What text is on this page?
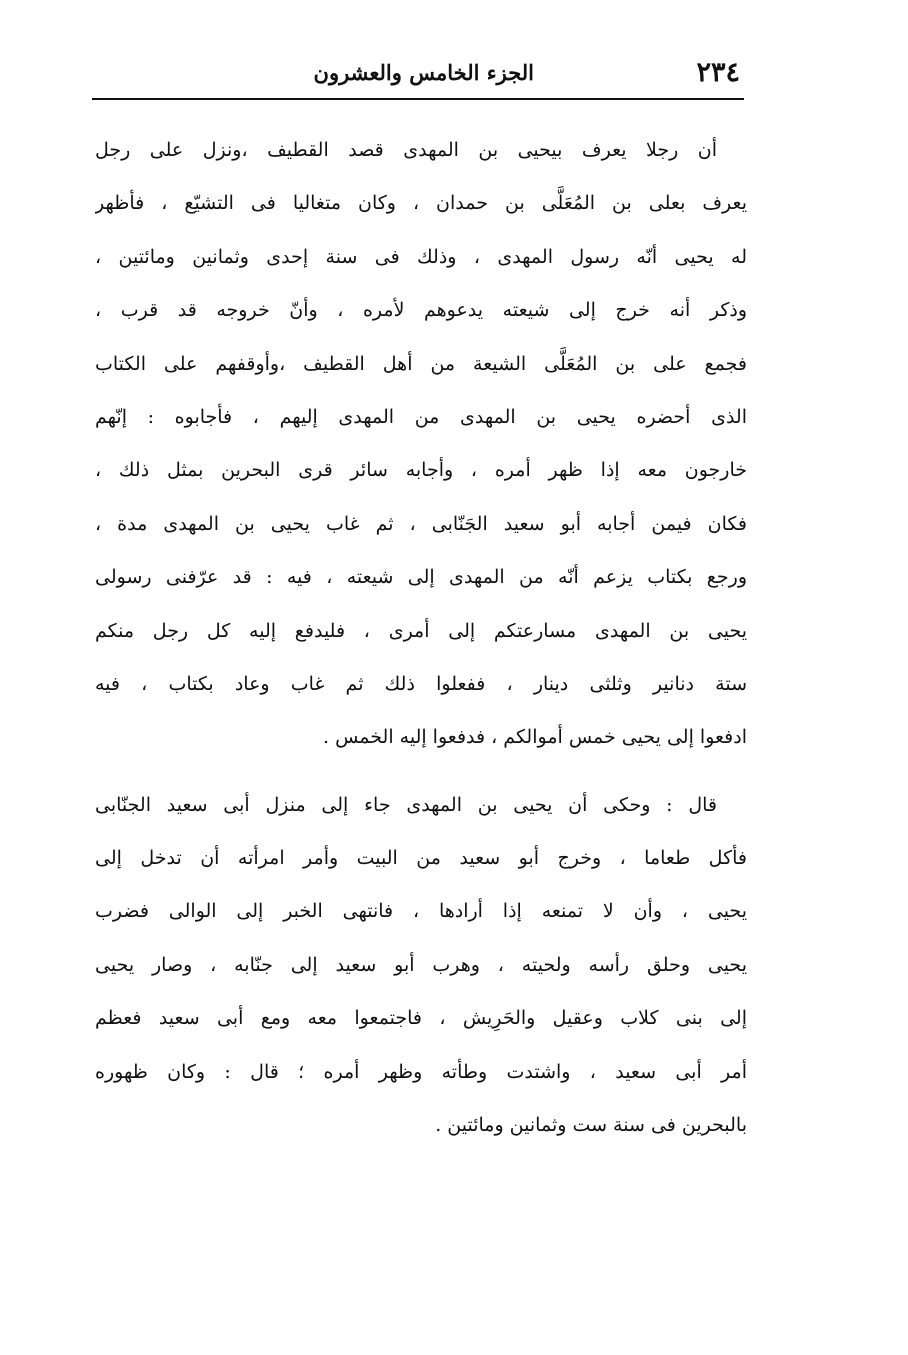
٢٣٤
الجزء الخامس والعشرون
أن رجلا يعرف بيحيى بن المهدى قصد القطيف ،ونزل على رجل
يعرف بعلى بن المُعَلَّى بن حمدان ، وكان متغاليا فى التشيّع ، فأظهر
له يحيى أنّه رسول المهدى ، وذلك فى سنة إحدى وثمانين ومائتين ،
وذكر أنه خرج إلى شيعته يدعوهم لأمره ، وأنّ خروجه قد قرب ،
فجمع على بن المُعَلَّى الشيعة من أهل القطيف ،وأوقفهم على الكتاب
الذى أحضره يحيى بن المهدى من المهدى إليهم ، فأجابوه : إنّهم
خارجون معه إذا ظهر أمره ، وأجابه سائر قرى البحرين بمثل ذلك ،
فكان فيمن أجابه أبو سعيد الجَنّابى ، ثم غاب يحيى بن المهدى مدة ،
ورجع بكتاب يزعم أنّه من المهدى إلى شيعته ، فيه : قد عرّفنى رسولى
يحيى بن المهدى مسارعتكم إلى أمرى ، فليدفع إليه كل رجل منكم
ستة دنانير وثلثى دينار ، ففعلوا ذلك ثم غاب وعاد بكتاب ، فيه
ادفعوا إلى يحيى خمس أموالكم ، فدفعوا إليه الخمس .
قال : وحكى أن يحيى بن المهدى جاء إلى منزل أبى سعيد الجنّابى
فأكل طعاما ، وخرج أبو سعيد من البيت وأمر امرأته أن تدخل إلى
يحيى ، وأن لا تمنعه إذا أرادها ، فانتهى الخبر إلى الوالى فضرب
يحيى وحلق رأسه ولحيته ، وهرب أبو سعيد إلى جنّابه ، وصار يحيى
إلى بنى كلاب وعقيل والحَرِيش ، فاجتمعوا معه ومع أبى سعيد فعظم
أمر أبى سعيد ، واشتدت وطأته وظهر أمره ؛ قال : وكان ظهوره
بالبحرين فى سنة ست وثمانين ومائتين .
